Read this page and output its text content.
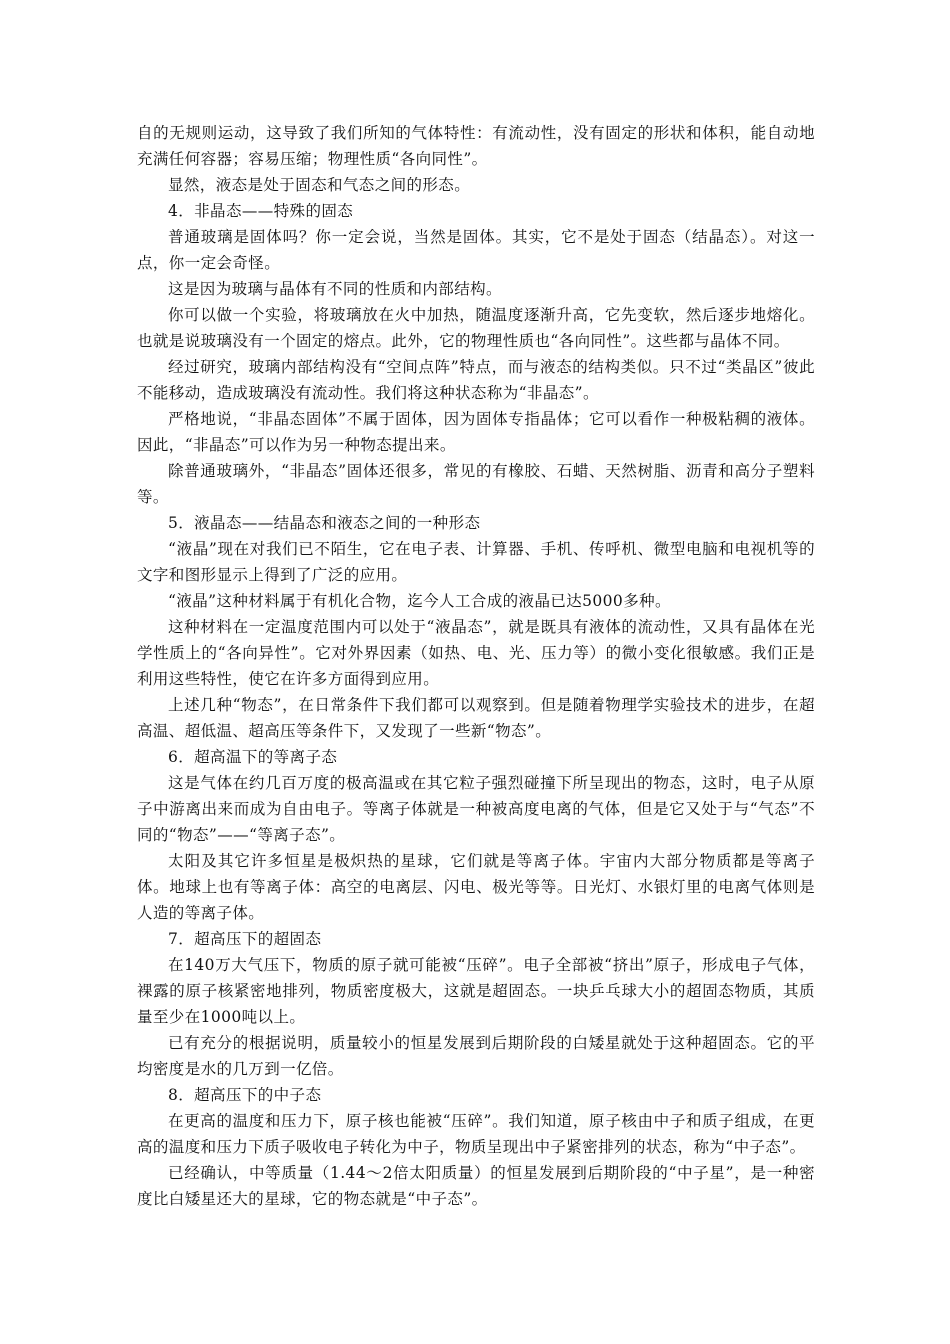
自的无规则运动，这导致了我们所知的气体特性：有流动性，没有固定的形状和体积，能自动地充满任何容器；容易压缩；物理性质“各向同性”。

显然，液态是处于固态和气态之间的形态。

4．非晶态——特殊的固态

普通玻璃是固体吗？你一定会说，当然是固体。其实，它不是处于固态（结晶态）。对这一点，你一定会奇怪。

这是因为玻璃与晶体有不同的性质和内部结构。

你可以做一个实验，将玻璃放在火中加热，随温度逐渐升高，它先变软，然后逐步地熔化。也就是说玻璃没有一个固定的熔点。此外，它的物理性质也“各向同性”。这些都与晶体不同。

经过研究，玻璃内部结构没有“空间点阵”特点，而与液态的结构类似。只不过“类晶区”彼此不能移动，造成玻璃没有流动性。我们将这种状态称为“非晶态”。

严格地说，“非晶态固体”不属于固体，因为固体专指晶体；它可以看作一种极粘稠的液体。因此，“非晶态”可以作为另一种物态提出来。

除普通玻璃外，“非晶态”固体还很多，常见的有橡胶、石蜡、天然树脂、沥青和高分子塑料等。

5．液晶态——结晶态和液态之间的一种形态

“液晶”现在对我们已不陌生，它在电子表、计算器、手机、传呼机、微型电脑和电视机等的文字和图形显示上得到了广泛的应用。

“液晶”这种材料属于有机化合物，迄今人工合成的液晶已达5000多种。

这种材料在一定温度范围内可以处于“液晶态”，就是既具有液体的流动性，又具有晶体在光学性质上的“各向异性”。它对外界因素（如热、电、光、压力等）的微小变化很敏感。我们正是利用这些特性，使它在许多方面得到应用。

上述几种“物态”，在日常条件下我们都可以观察到。但是随着物理学实验技术的进步，在超高温、超低温、超高压等条件下，又发现了一些新“物态”。

6．超高温下的等离子态

这是气体在约几百万度的极高温或在其它粒子强烈碰撞下所呈现出的物态，这时，电子从原子中游离出来而成为自由电子。等离子体就是一种被高度电离的气体，但是它又处于与“气态”不同的“物态”——“等离子态”。

太阳及其它许多恒星是极炽热的星球，它们就是等离子体。宇宙内大部分物质都是等离子体。地球上也有等离子体：高空的电离层、闪电、极光等等。日光灯、水银灯里的电离气体则是人造的等离子体。

7．超高压下的超固态

在140万大气压下，物质的原子就可能被“压碎”。电子全部被“挤出”原子，形成电子气体，裸露的原子核紧密地排列，物质密度极大，这就是超固态。一块乒乓球大小的超固态物质，其质量至少在1000吨以上。

已有充分的根据说明，质量较小的恒星发展到后期阶段的白矮星就处于这种超固态。它的平均密度是水的几万到一亿倍。

8．超高压下的中子态

在更高的温度和压力下，原子核也能被“压碎”。我们知道，原子核由中子和质子组成，在更高的温度和压力下质子吸收电子转化为中子，物质呈现出中子紧密排列的状态，称为“中子态”。

已经确认，中等质量（1.44～2倍太阳质量）的恒星发展到后期阶段的“中子星”，是一种密度比白矮星还大的星球，它的物态就是“中子态”。
